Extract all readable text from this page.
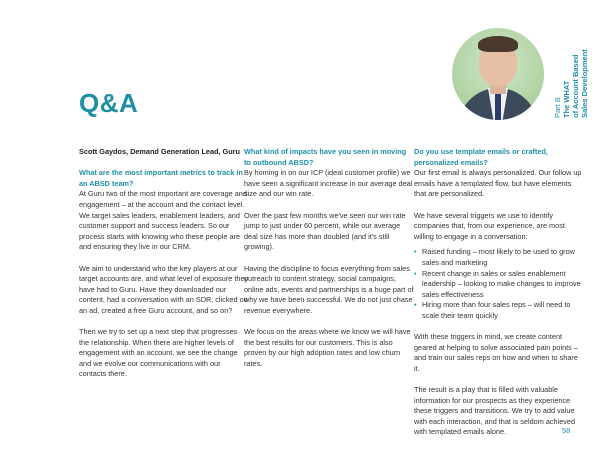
Q&A	Part B The WHAT of Account Based Sales Development

Scott Gaydos, Demand Generation Lead, Guru

What are the most important metrics to track in an ABSD team?

At Guru two of the most important are coverage and engagement – at the account and the contact level. We target sales leaders, enablement leaders, and customer support and success leaders. So our process starts with knowing who these people are and ensuring they live in our CRM.

We aim to understand who the key players at our target accounts are, and what level of exposure they have had to Guru. Have they downloaded our content, had a conversation with an SDR, clicked on an ad, created a free Guru account, and so on?

Then we try to set up a next step that progresses the relationship. When there are higher levels of engagement with an account, we see the change and we evolve our communications with our contacts there.

What kind of impacts have you seen in moving to outbound ABSD?

By homing in on our ICP (ideal customer profile) we have seen a significant increase in our average deal size and our win rate.

Over the past few months we've seen our win rate jump to just under 60 percent, while our average deal size has more than doubled (and it's still growing).

Having the discipline to focus everything from sales outreach to content strategy, social campaigns, online ads, events and partnerships is a huge part of why we have been successful. We do not just chase revenue everywhere.

We focus on the areas where we know we will have the best results for our customers. This is also proven by our high adoption rates and low churn rates.

Do you use template emails or crafted, personalized emails?

Our first email is always personalized. Our follow up emails have a templated flow, but have elements that are personalized.

We have several triggers we use to identify companies that, from our experience, are most willing to engage in a conversation:

• Raised funding – most likely to be used to grow sales and marketing
• Recent change in sales or sales enablement leadership – looking to make changes to improve sales effectiveness
• Hiring more than four sales reps – will need to scale their team quickly

With these triggers in mind, we create content geared at helping to solve associated pain points – and train our sales reps on how and when to share it.

The result is a play that is filled with valuable information for our prospects as they experience these triggers and transitions. We try to add value with each interaction, and that is seldom achieved with templated emails alone.	58
